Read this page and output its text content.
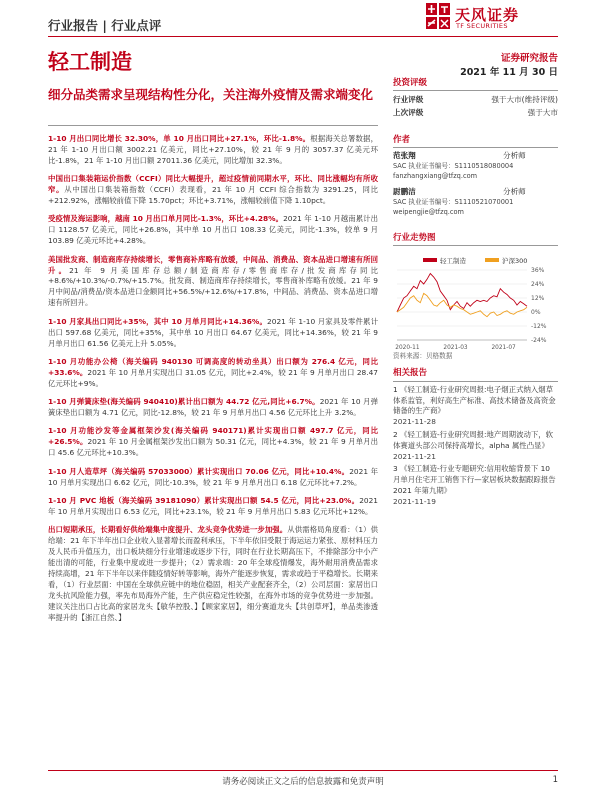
行业报告 | 行业点评
天风证券
TF SECURITIES
轻工制造	证券研究报告
2021 年 11 月 30 日
细分品类需求呈现结构性分化，关注海外疫情及需求端变化
1-10 月出口同比增长 32.30%，单 10 月出口同比+27.1%，环比-1.8%。根据海关总署数据，21 年 1-10 月出口额 3002.21 亿美元，同比+27.10%，较 21 年 9 月的 3057.37 亿美元环比-1.8%，21 年 1-10 月出口额 27011.36 亿美元，同比增加 32.3%。
中国出口集装箱运价指数（CCFI）同比大幅提升，超过疫情前同期水平，环比、同比涨幅均有所收窄。从中国出口集装箱指数（CCFI）表现看，21 年 10 月 CCFI 综合指数为 3291.25，同比+212.92%，涨幅较前值下降 15.70pct；环比+3.71%，涨幅较前值下降 1.10pct。
受疫情及海运影响，越南 10 月出口单月同比-1.3%，环比+4.28%。2021 年 1-10 月越南累计出口 1128.57 亿美元，同比+26.8%，其中单 10 月出口 108.33 亿美元，同比-1.3%，较单 9 月 103.89 亿美元环比+4.28%。
美国批发商、制造商库存持续增长，零售商补库略有放缓，中间品、消费品、资本品进口增速有所回升。21 年 9 月美国库存总额/制造商库存/零售商库存/批发商库存同比+8.6%/+10.3%/-0.7%/+15.7%。批发商、制造商库存持续增长，零售商补库略有放缓。21 年 9 月中间品/消费品/资本品进口金额同比+56.5%/+12.6%/+17.8%，中间品、消费品、资本品进口增速有所回升。
1-10 月家具出口同比+35%，其中 10 月单月同比+14.36%。2021 年 1-10 月家具及零件累计出口 597.68 亿美元，同比+35%，其中单 10 月出口 64.67 亿美元，同比+14.36%，较 21 年 9 月单月出口 61.56 亿美元上升 5.05%。
1-10 月功能办公椅（海关编码 940130 可调高度的转动坐具）出口额为 276.4 亿元，同比+33.6%。2021 年 10 月单月实现出口 31.05 亿元，同比+2.4%，较 21 年 9 月单月出口 28.47 亿元环比+9%。
1-10 月弹簧床垫(海关编码 940410)累计出口额为 44.72 亿元,同比+6.7%。2021 年 10 月弹簧床垫出口额为 4.71 亿元，同比-12.8%，较 21 年 9 月单月出口 4.56 亿元环比上升 3.2%。
1-10 月功能沙发等金属框架沙发(海关编码 940171)累计实现出口额 497.7 亿元，同比+26.5%。2021 年 10 月金属框架沙发出口额为 50.31 亿元，同比+4.3%，较 21 年 9 月单月出口 45.6 亿元环比+10.3%。
1-10 月人造草坪（海关编码 57033000）累计实现出口 70.06 亿元，同比+10.4%。2021 年 10 月单月实现出口 6.62 亿元，同比-10.3%，较 21 年 9 月单月出口 6.18 亿元环比+7.2%。
1-10 月 PVC 地板（海关编码 39181090）累计实现出口额 54.5 亿元，同比+23.0%。2021 年 10 月单月实现出口 6.53 亿元，同比+23.1%，较 21 年 9 月单月出口 5.83 亿元环比+12%。
出口短期承压，长期看好供给端集中度提升、龙头竞争优势进一步加强。从供需格局角度看：（1）供给端：21 年下半年出口企业收入显著增长而盈利承压，下半年依旧受限于海运运力紧张、原材料压力及人民币升值压力，出口板块细分行业增速或逐步下行，同时在行业长期高压下，不排除部分中小产能出清的可能，行业集中度或进一步提升；（2）需求端：20 年全球疫情爆发，海外耐用消费品需求持续高增，21 年下半年以来伴随疫情好转等影响，海外产能逐步恢复，需求或趋于平稳增长。长期来看，（1）行业层面：中国在全球供应链中的地位稳固，相关产业配套齐全，（2）公司层面：家居出口龙头抗风险能力强，率先布局海外产能，生产供应稳定性较强，在海外市场的竞争优势进一步加强。建议关注出口占比高的家居龙头【敏华控股、】【顾家家居】，细分赛道龙头【共创草坪】，单品类渗透率提升的【浙江自然、】
投资评级
行业评级	强于大市(维持评级)
上次评级	强于大市
作者
范张翔	分析师
SAC 执业证书编号：S1110518080004
fanzhangxiang@tfzq.com
尉鹏洁	分析师
SAC 执业证书编号：S1110521070001
weipengjie@tfzq.com
行业走势图
轻工制造	沪深300
36%
24%
12%
0%
-12%
-24%
2020-11	2021-03	2021-07
资料来源：贝格数据
相关报告
1 《轻工制造-行业研究周报:电子烟正式纳入烟草体系监管，利好高生产标准、高技术储备及高资金储备的生产商》
2021-11-28
2 《轻工制造-行业研究周报:地产周期波动下，软体赛道头部公司保持高增长，alpha 属性凸显》
2021-11-21
3 《轻工制造-行业专题研究:信用收缩背景下 10 月单月住宅开工销售下行—家居板块数据跟踪报告 2021 年第九期》
2021-11-19
请务必阅读正文之后的信息披露和免责声明	1
